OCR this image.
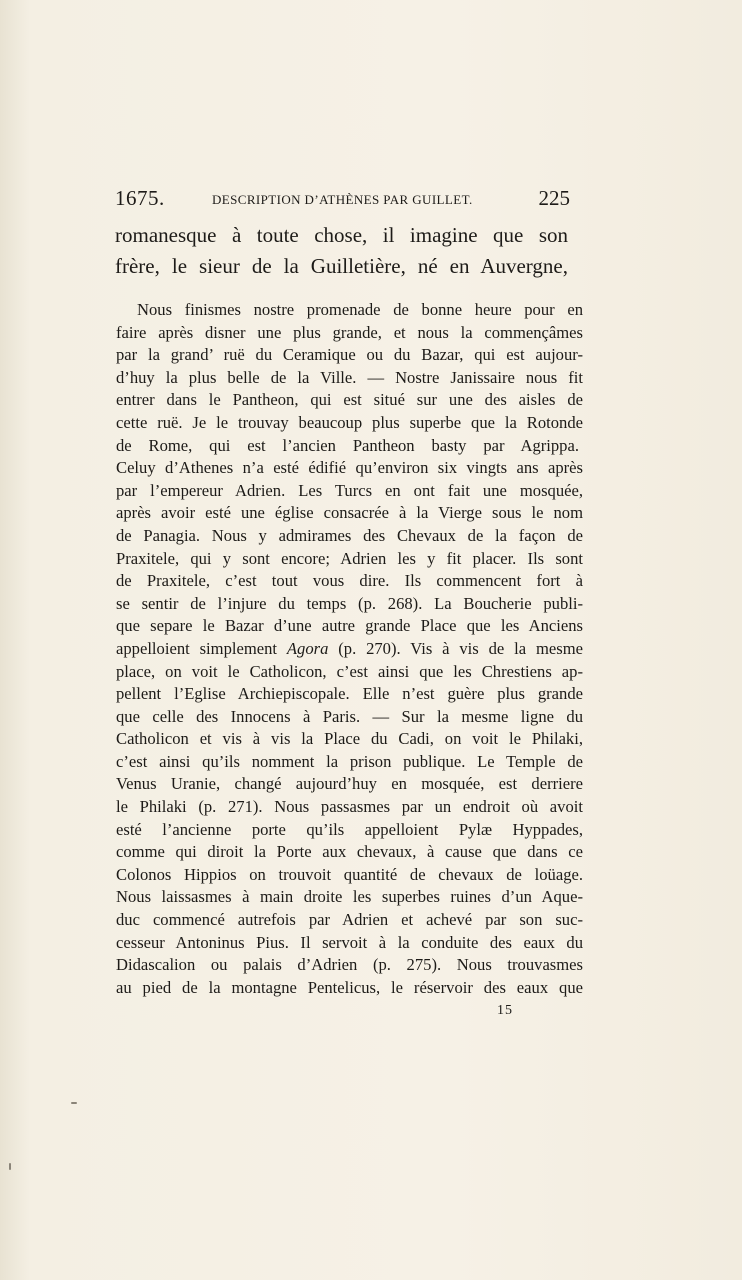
1675.	DESCRIPTION D’ATHÈNES PAR GUILLET.	225
romanesque à toute chose, il imagine que son
frère, le sieur de la Guilletière, né en Auvergne,
Nous finismes nostre promenade de bonne heure pour en
faire après disner une plus grande, et nous la commençâmes
par la grand’ ruë du Ceramique ou du Bazar, qui est aujour-
d’huy la plus belle de la Ville. — Nostre Janissaire nous fit
entrer dans le Pantheon, qui est situé sur une des aisles de
cette ruë. Je le trouvay beaucoup plus superbe que la Rotonde
de Rome, qui est l’ancien Pantheon basty par Agrippa.
Celuy d’Athenes n’a esté édifié qu’environ six vingts ans après
par l’empereur Adrien. Les Turcs en ont fait une mosquée,
après avoir esté une église consacrée à la Vierge sous le nom
de Panagia. Nous y admirames des Chevaux de la façon de
Praxitele, qui y sont encore; Adrien les y fit placer. Ils sont
de Praxitele, c’est tout vous dire. Ils commencent fort à
se sentir de l’injure du temps (p. 268). La Boucherie publi-
que separe le Bazar d’une autre grande Place que les Anciens
appelloient simplement Agora (p. 270). Vis à vis de la mesme
place, on voit le Catholicon, c’est ainsi que les Chrestiens ap-
pellent l’Eglise Archiepiscopale. Elle n’est guère plus grande
que celle des Innocens à Paris. — Sur la mesme ligne du
Catholicon et vis à vis la Place du Cadi, on voit le Philaki,
c’est ainsi qu’ils nomment la prison publique. Le Temple de
Venus Uranie, changé aujourd’huy en mosquée, est derriere
le Philaki (p. 271). Nous passasmes par un endroit où avoit
esté l’ancienne porte qu’ils appelloient Pylæ Hyppades,
comme qui diroit la Porte aux chevaux, à cause que dans ce
Colonos Hippios on trouvoit quantité de chevaux de loüage.
Nous laissasmes à main droite les superbes ruines d’un Aque-
duc commencé autrefois par Adrien et achevé par son suc-
cesseur Antoninus Pius. Il servoit à la conduite des eaux du
Didascalion ou palais d’Adrien (p. 275). Nous trouvasmes
au pied de la montagne Pentelicus, le réservoir des eaux que
15
